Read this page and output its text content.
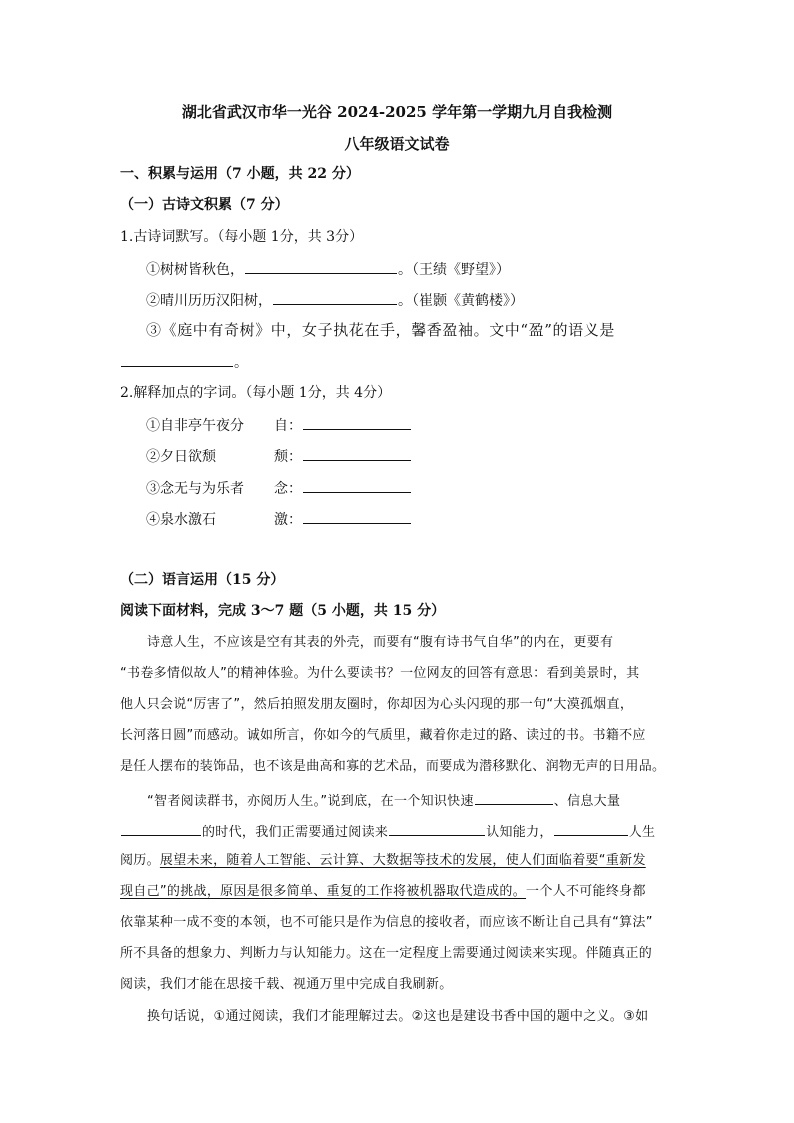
湖北省武汉市华一光谷 2024-2025 学年第一学期九月自我检测
八年级语文试卷
一、积累与运用（7 小题，共 22 分）
（一）古诗文积累（7 分）
1.古诗词默写。（每小题 1分，共 3分）
①树树皆秋色，	。（王绩《野望》）
②晴川历历汉阳树，	。（崔颢《黄鹤楼》）
③《庭中有奇树》中，女子执花在手，馨香盈袖。文中“盈”的语义是
。
2.解释加点的字词。（每小题 1分，共 4分）
①自非亭午夜分 自：
②夕日欲颓	颓：
③念无与为乐者 念：
④泉水激石	激：
（二）语言运用（15 分）
阅读下面材料，完成 3～7 题（5 小题，共 15 分）
诗意人生，不应该是空有其表的外壳，而要有“腹有诗书气自华”的内在，更要有
“书卷多情似故人”的精神体验。为什么要读书？一位网友的回答有意思：看到美景时，其
他人只会说“厉害了”，然后拍照发朋友圈时，你却因为心头闪现的那一句“大漠孤烟直，
长河落日圆”而感动。诚如所言，你如今的气质里，藏着你走过的路、读过的书。书籍不应
是任人摆布的装饰品，也不该是曲高和寡的艺术品，而要成为潜移默化、润物无声的日用品。
“智者阅读群书，亦阅历人生。”说到底，在一个知识快速	、信息大量
的时代，我们正需要通过阅读来	认知能力，	人生
阅历。展望未来，随着人工智能、云计算、大数据等技术的发展，使人们面临着要“重新发
现自己”的挑战，原因是很多简单、重复的工作将被机器取代造成的。一个人不可能终身都
依靠某种一成不变的本领，也不可能只是作为信息的接收者，而应该不断让自己具有“算法”
所不具备的想象力、判断力与认知能力。这在一定程度上需要通过阅读来实现。伴随真正的
阅读，我们才能在思接千载、视通万里中完成自我刷新。
换句话说，①通过阅读，我们才能理解过去。②这也是建设书香中国的题中之义。③如
